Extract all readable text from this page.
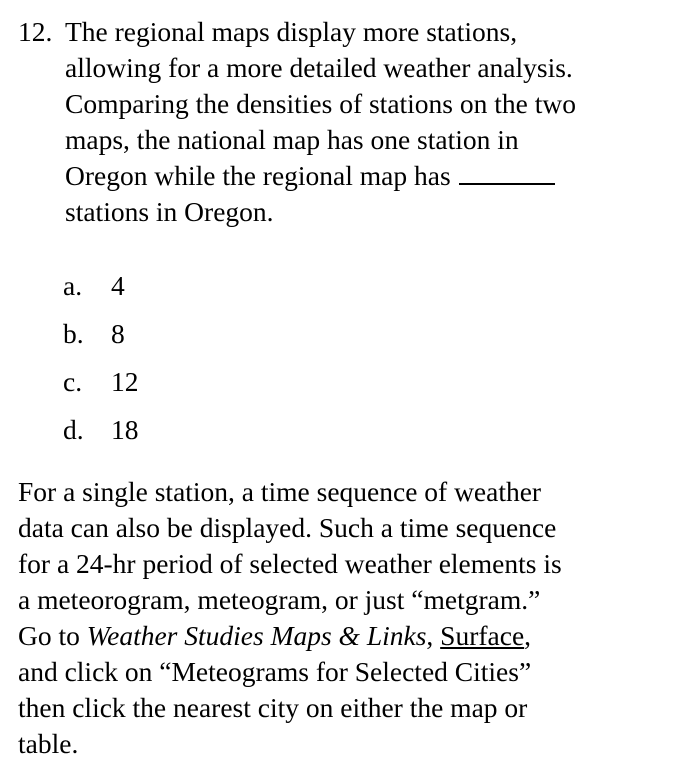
12. The regional maps display more stations,
allowing for a more detailed weather analysis.
Comparing the densities of stations on the two
maps, the national map has one station in
Oregon while the regional map has
stations in Oregon.
a.	4
b. 8
c.	12
d. 18
For a single station, a time sequence of weather
data can also be displayed. Such a time sequence
for a 24-hr period of selected weather elements is
a meteorogram, meteogram, or just “metgram.”
Go to Weather Studies Maps & Links, Surface,
and click on “Meteograms for Selected Cities”
then click the nearest city on either the map or
table.
